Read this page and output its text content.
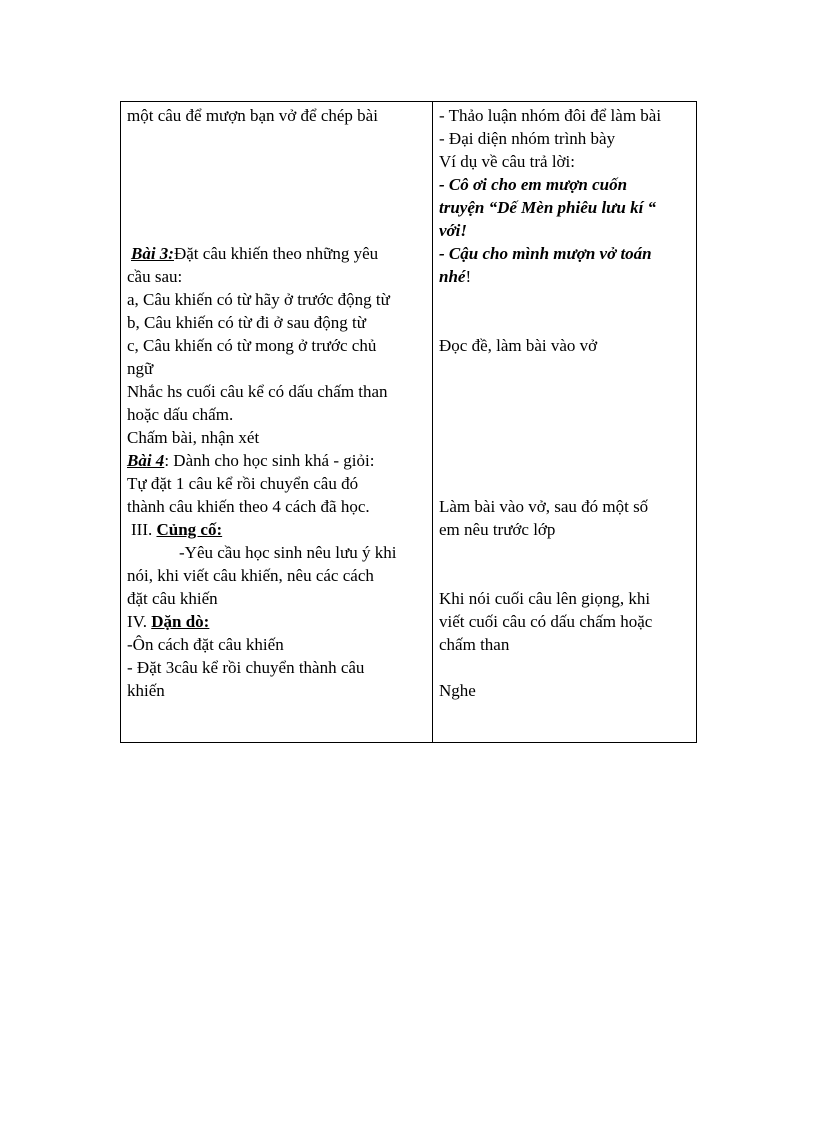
một câu để mượn bạn vở để chép bài
Bài 3:Đặt câu khiến theo những yêu
cầu sau:
a, Câu khiến có từ hãy ở trước động từ
b, Câu khiến có từ đi ở sau động từ
c, Câu khiến có từ mong ở trước chủ
ngữ
Nhắc hs cuối câu kể có dấu chấm than
hoặc dấu chấm.
Chấm bài, nhận xét
Bài 4: Dành cho học sinh khá - giỏi:
Tự đặt 1 câu kể rồi chuyển câu đó
thành câu khiến theo 4 cách đã học.
III. Củng cố:
-Yêu cầu học sinh nêu lưu ý khi
nói, khi viết câu khiến, nêu các cách
đặt câu khiến
IV. Dặn dò:
-Ôn cách đặt câu khiến
- Đặt 3câu kể rồi chuyển thành câu
khiến
- Thảo luận nhóm đôi để làm bài
- Đại diện nhóm trình bày
Ví dụ về câu trả lời:
- Cô ơi cho em mượn cuốn
truyện “Dế Mèn phiêu lưu kí “
với!
- Cậu cho mình mượn vở toán
nhé!
Đọc đề, làm bài vào vở
Làm bài vào vở, sau đó một số
em nêu trước lớp
Khi nói cuối câu lên giọng, khi
viết cuối câu có dấu chấm hoặc
chấm than
Nghe
